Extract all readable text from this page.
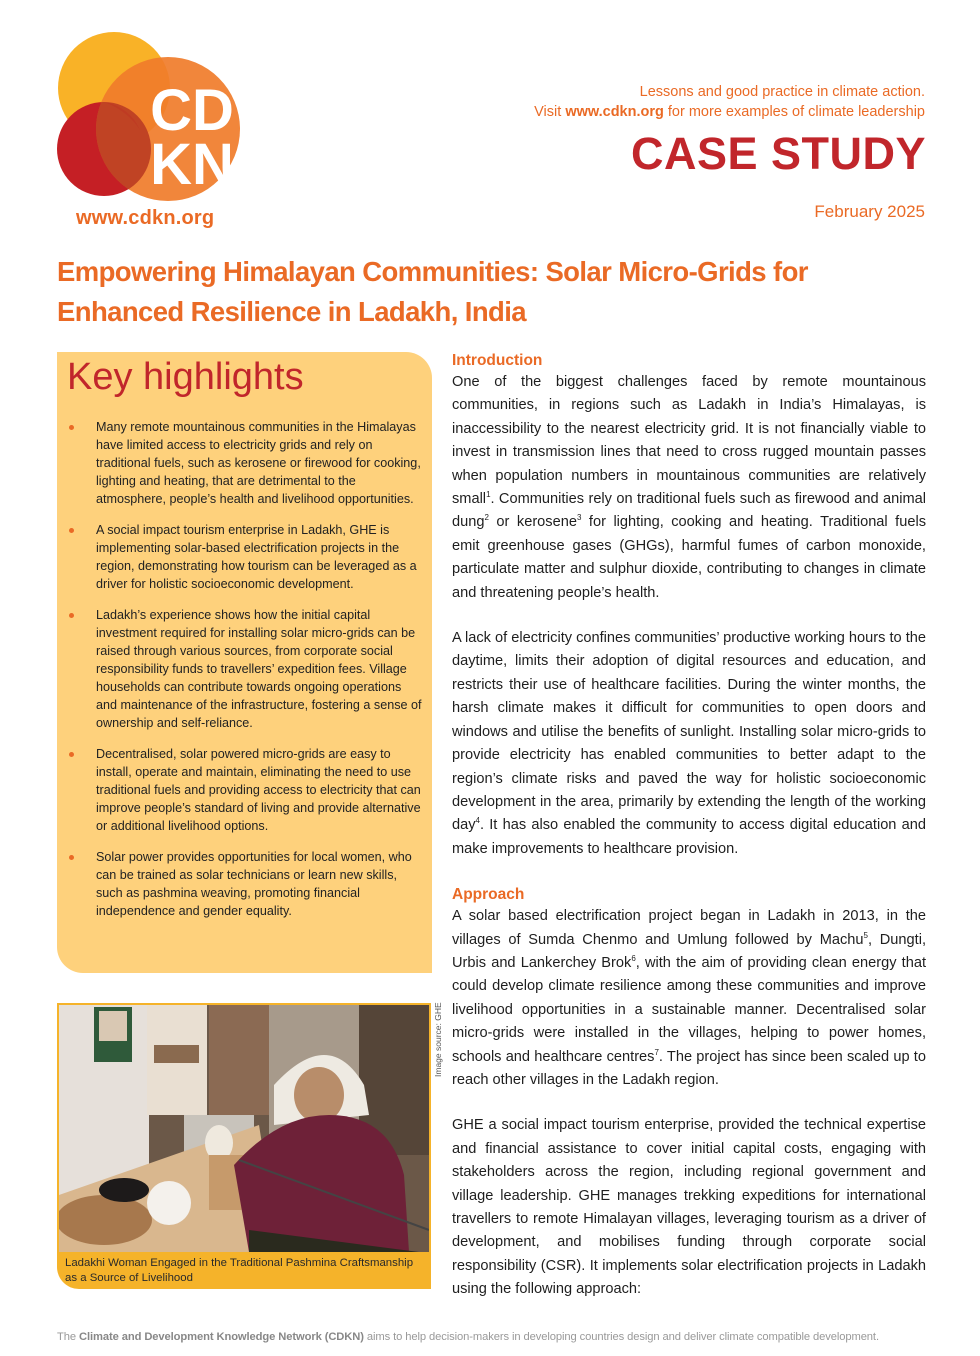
CD
KN
www.cdkn.org
Lessons and good practice in climate action.
Visit www.cdkn.org for more examples of climate leadership
CASE STUDY
February 2025
Empowering Himalayan Communities: Solar Micro-Grids for Enhanced Resilience in Ladakh, India
Key highlights
Many remote mountainous communities in the Himalayas have limited access to electricity grids and rely on traditional fuels, such as kerosene or firewood for cooking, lighting and heating, that are detrimental to the atmosphere, people’s health and livelihood opportunities.
A social impact tourism enterprise in Ladakh, GHE is implementing solar-based electrification projects in the region, demonstrating how tourism can be leveraged as a driver for holistic socioeconomic development.
Ladakh’s experience shows how the initial capital investment required for installing solar micro-grids can be raised through various sources, from corporate social responsibility funds to travellers’ expedition fees. Village households can contribute towards ongoing operations and maintenance of the infrastructure, fostering a sense of ownership and self-reliance.
Decentralised, solar powered micro-grids are easy to install, operate and maintain, eliminating the need to use traditional fuels and providing access to electricity that can improve people’s standard of living and provide alternative or additional livelihood options.
Solar power provides opportunities for local women, who can be trained as solar technicians or learn new skills, such as pashmina weaving, promoting financial independence and gender equality.
Ladakhi Woman Engaged in the Traditional Pashmina Craftsmanship as a Source of Livelihood
Image source: GHE
Introduction

One of the biggest challenges faced by remote mountainous communities, in regions such as Ladakh in India’s Himalayas, is inaccessibility to the nearest electricity grid. It is not financially viable to invest in transmission lines that need to cross rugged mountain passes when population numbers in mountainous communities are relatively small$^1$. Communities rely on traditional fuels such as firewood and animal dung$^2$ or kerosene$^3$ for lighting, cooking and heating. Traditional fuels emit greenhouse gases (GHGs), harmful fumes of carbon monoxide, particulate matter and sulphur dioxide, contributing to changes in climate and threatening people’s health.

A lack of electricity confines communities’ productive working hours to the daytime, limits their adoption of digital resources and education, and restricts their use of healthcare facilities. During the winter months, the harsh climate makes it difficult for communities to open doors and windows and utilise the benefits of sunlight. Installing solar micro-grids to provide electricity has enabled communities to better adapt to the region’s climate risks and paved the way for holistic socioeconomic development in the area, primarily by extending the length of the working day$^4$. It has also enabled the community to access digital education and make improvements to healthcare provision.

Approach

A solar based electrification project began in Ladakh in 2013, in the villages of Sumda Chenmo and Umlung followed by Machu$^5$, Dungti, Urbis and Lankerchey Brok$^6$, with the aim of providing clean energy that could develop climate resilience among these communities and improve livelihood opportunities in a sustainable manner. Decentralised solar micro-grids were installed in the villages, helping to power homes, schools and healthcare centres$^7$. The project has since been scaled up to reach other villages in the Ladakh region.

GHE a social impact tourism enterprise, provided the technical expertise and financial assistance to cover initial capital costs, engaging with stakeholders across the region, including regional government and village leadership. GHE manages trekking expeditions for international travellers to remote Himalayan villages, leveraging tourism as a driver of development, and mobilises funding through corporate social responsibility (CSR). It implements solar electrification projects in Ladakh using the following approach:

The Climate and Development Knowledge Network (CDKN) aims to help decision-makers in developing countries design and deliver climate compatible development.
